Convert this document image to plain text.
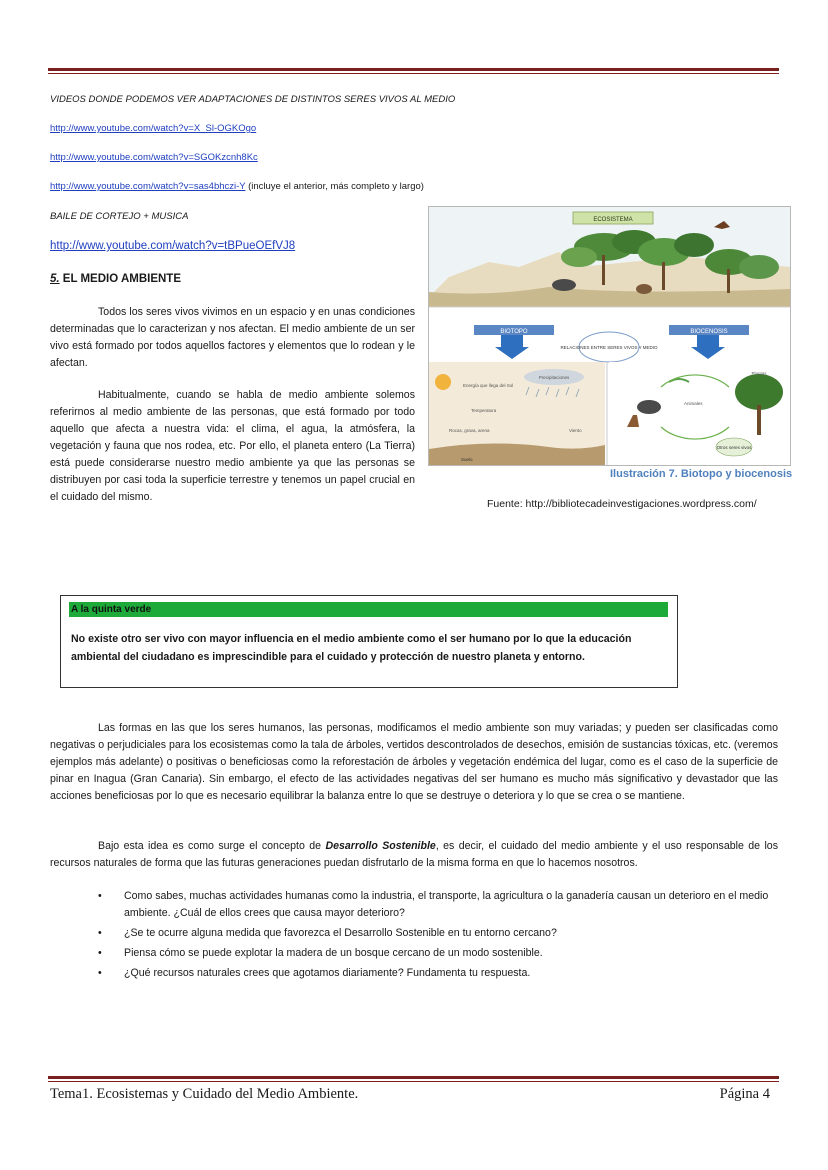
VIDEOS DONDE PODEMOS VER ADAPTACIONES DE DISTINTOS SERES VIVOS AL MEDIO
http://www.youtube.com/watch?v=X_Sl-OGKOgo
http://www.youtube.com/watch?v=SGOKzcnh8Kc
http://www.youtube.com/watch?v=sas4bhczi-Y (incluye el anterior, más completo y largo)
BAILE DE CORTEJO + MUSICA
http://www.youtube.com/watch?v=tBPueOEfVJ8
5. EL MEDIO AMBIENTE
Todos los seres vivos vivimos en un espacio y en unas condiciones determinadas que lo caracterizan y nos afectan. El medio ambiente de un ser vivo está formado por todos aquellos factores y elementos que lo rodean y le afectan.
Habitualmente, cuando se habla de medio ambiente solemos referirnos al medio ambiente de las personas, que está formado por todo aquello que afecta a nuestra vida: el clima, el agua, la atmósfera, la vegetación y fauna que nos rodea, etc. Por ello, el planeta entero (La Tierra) está puede considerarse nuestro medio ambiente ya que las personas se distribuyen por casi toda la superficie terrestre y tenemos un papel crucial en el cuidado del mismo.
ECOSISTEMA
BIOTOPO	BIOCENOSIS
RELACIONES ENTRE SERES VIVOS Y MEDIO
Energía que llega del Sol
Temperatura
Precipitaciones
Rocas, grava, arena	Viento
Suelo
Plantas
Animales
Otros seres vivos
Ilustración 7. Biotopo y biocenosis
Fuente: http://bibliotecadeinvestigaciones.wordpress.com/
A la quinta verde
No existe otro ser vivo con mayor influencia en el medio ambiente como el ser humano por lo que la educación ambiental del ciudadano es imprescindible para el cuidado y protección de nuestro planeta y entorno.
Las formas en las que los seres humanos, las personas, modificamos el medio ambiente son muy variadas; y pueden ser clasificadas como negativas o perjudiciales para los ecosistemas como la tala de árboles, vertidos descontrolados de desechos, emisión de sustancias tóxicas, etc. (veremos ejemplos más adelante) o positivas o beneficiosas como la reforestación de árboles y vegetación endémica del lugar, como es el caso de la superficie de pinar en Inagua (Gran Canaria). Sin embargo, el efecto de las actividades negativas del ser humano es mucho más significativo y devastador que las acciones beneficiosas por lo que es necesario equilibrar la balanza entre lo que se destruye o deteriora y lo que se crea o se mantiene.
Bajo esta idea es como surge el concepto de Desarrollo Sostenible, es decir, el cuidado del medio ambiente y el uso responsable de los recursos naturales de forma que las futuras generaciones puedan disfrutarlo de la misma forma en que lo hacemos nosotros.
• Como sabes, muchas actividades humanas como la industria, el transporte, la agricultura o la ganadería causan un deterioro en el medio ambiente. ¿Cuál de ellos crees que causa mayor deterioro?
• ¿Se te ocurre alguna medida que favorezca el Desarrollo Sostenible en tu entorno cercano?
• Piensa cómo se puede explotar la madera de un bosque cercano de un modo sostenible.
• ¿Qué recursos naturales crees que agotamos diariamente? Fundamenta tu respuesta.
Tema1. Ecosistemas y Cuidado del Medio Ambiente.	Página 4
